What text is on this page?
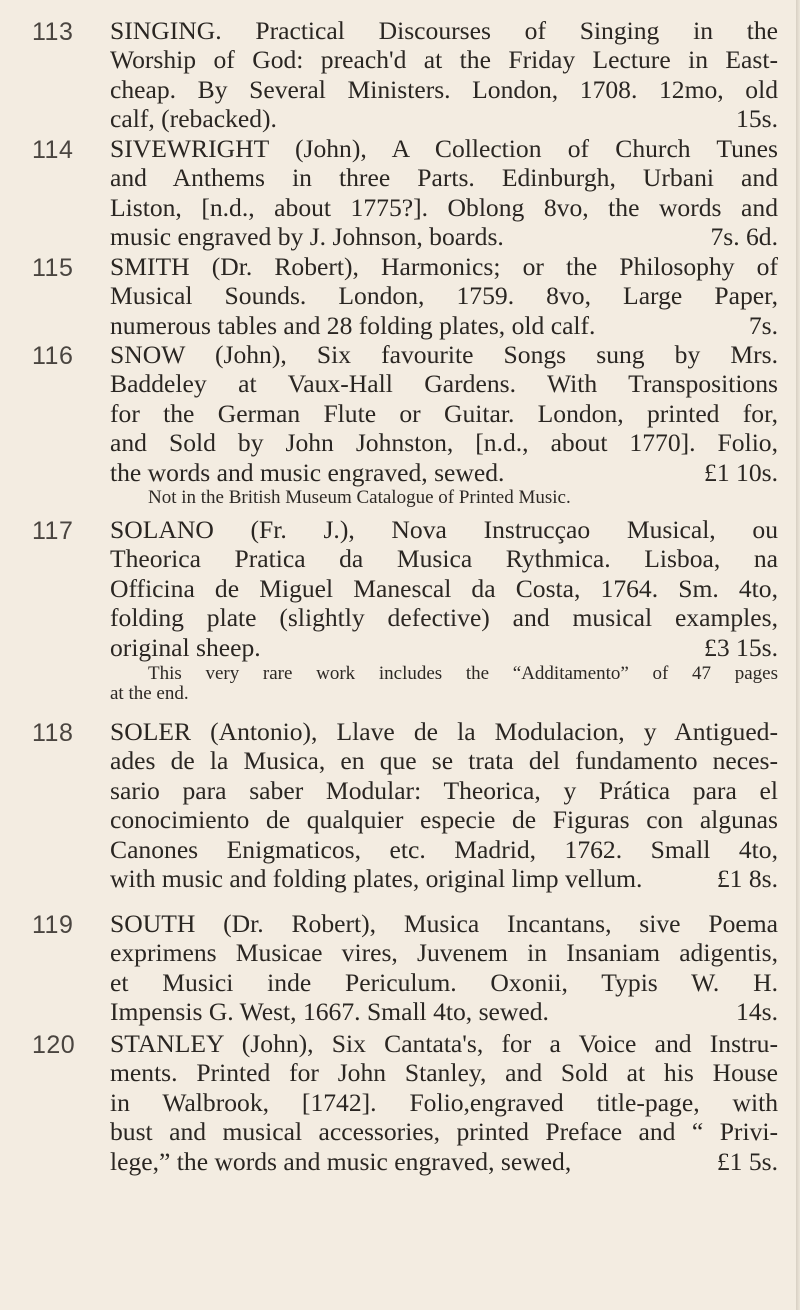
113	SINGING. Practical Discourses of Singing in the
Worship of God: preach'd at the Friday Lecture in East-
cheap. By Several Ministers. London, 1708. 12mo, old
calf, (rebacked).	15s.
114	SIVEWRIGHT (John), A Collection of Church Tunes
and Anthems in three Parts. Edinburgh, Urbani and
Liston, [n.d., about 1775?]. Oblong 8vo, the words and
music engraved by J. Johnson, boards.	7s. 6d.
115	SMITH (Dr. Robert), Harmonics; or the Philosophy of
Musical Sounds. London, 1759. 8vo, Large Paper,
numerous tables and 28 folding plates, old calf.	7s.
116	SNOW (John), Six favourite Songs sung by Mrs.
Baddeley at Vaux-Hall Gardens. With Transpositions
for the German Flute or Guitar. London, printed for,
and Sold by John Johnston, [n.d., about 1770]. Folio,
the words and music engraved, sewed.	£1 10s.
Not in the British Museum Catalogue of Printed Music.
117	SOLANO (Fr. J.), Nova Instrucçao Musical, ou
Theorica Pratica da Musica Rythmica. Lisboa, na
Officina de Miguel Manescal da Costa, 1764. Sm. 4to,
folding plate (slightly defective) and musical examples,
original sheep.	£3 15s.
This very rare work includes the “Additamento” of 47 pages
at the end.
118	SOLER (Antonio), Llave de la Modulacion, y Antigued-
ades de la Musica, en que se trata del fundamento neces-
sario para saber Modular: Theorica, y Prática para el
conocimiento de qualquier especie de Figuras con algunas
Canones Enigmaticos, etc. Madrid, 1762. Small 4to,
with music and folding plates, original limp vellum.	£1 8s.
119	SOUTH (Dr. Robert), Musica Incantans, sive Poema
exprimens Musicae vires, Juvenem in Insaniam adigentis,
et Musici inde Periculum. Oxonii, Typis W. H.
Impensis G. West, 1667. Small 4to, sewed.	14s.
120 STANLEY (John), Six Cantata's, for a Voice and Instru-
ments. Printed for John Stanley, and Sold at his House
in Walbrook, [1742]. Folio,engraved title-page, with
bust and musical accessories, printed Preface and “ Privi-
lege,” the words and music engraved, sewed,	£1 5s.
